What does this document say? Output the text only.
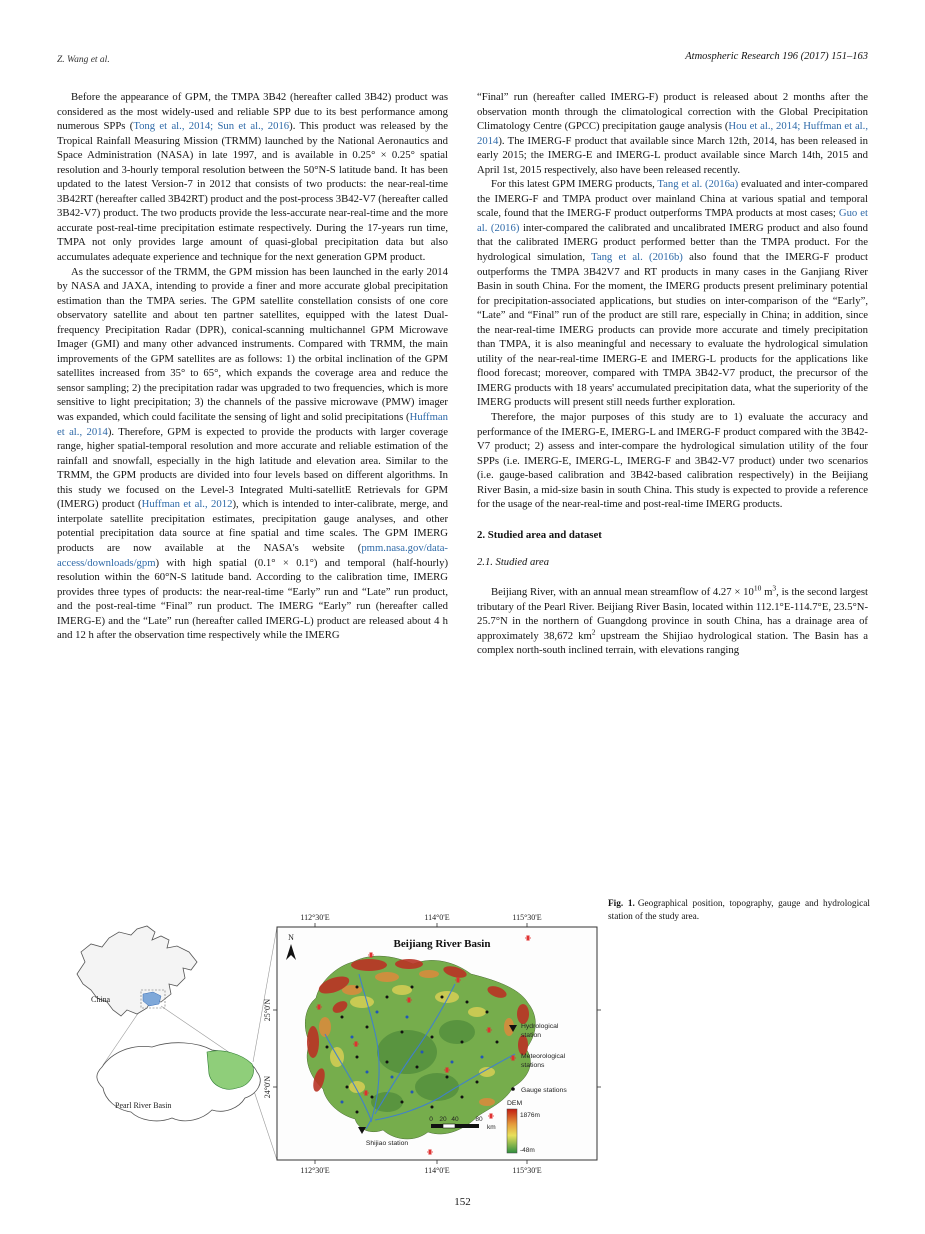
Z. Wang et al.	Atmospheric Research 196 (2017) 151–163

Before the appearance of GPM, the TMPA 3B42 (hereafter called 3B42) product was considered as the most widely-used and reliable SPP due to its best performance among numerous SPPs (Tong et al., 2014; Sun et al., 2016). This product was released by the Tropical Rainfall Measuring Mission (TRMM) launched by the National Aeronautics and Space Administration (NASA) in late 1997, and is available in 0.25° × 0.25° spatial resolution and 3-hourly temporal resolution between the 50°N-S latitude band. It has been updated to the latest Version-7 in 2012 that consists of two products: the near-real-time 3B42RT (hereafter called 3B42RT) product and the post-process 3B42-V7 (hereafter called 3B42-V7) product. The two products provide the less-accurate near-real-time and the more accurate post-real-time precipitation estimate respectively. During the 17-years run time, TMPA not only provides large amount of quasi-global precipitation data but also accumulates adequate experience and technique for the next generation GPM product.

As the successor of the TRMM, the GPM mission has been launched in the early 2014 by NASA and JAXA, intending to provide a finer and more accurate global precipitation estimation than the TMPA series. The GPM satellite constellation consists of one core observatory satellite and about ten partner satellites, equipped with the latest Dual-frequency Precipitation Radar (DPR), conical-scanning multichannel GPM Microwave Imager (GMI) and many other advanced instruments. Compared with TRMM, the main improvements of the GPM satellites are as follows: 1) the orbital inclination of the GPM satellites increased from 35° to 65°, which expands the coverage area and reduce the sensor sampling; 2) the precipitation radar was upgraded to two frequencies, which is more sensitive to light precipitation; 3) the channels of the passive microwave (PMW) imager was expanded, which could facilitate the sensing of light and solid precipitations (Huffman et al., 2014). Therefore, GPM is expected to provide the products with larger coverage range, higher spatial-temporal resolution and more accurate and reliable estimation of the rainfall and snowfall, especially in the high latitude and elevation area. Similar to the TRMM, the GPM products are divided into four levels based on different algorithms. In this study we focused on the Level-3 Integrated Multi-satellitE Retrievals for GPM (IMERG) product (Huffman et al., 2012), which is intended to inter-calibrate, merge, and interpolate satellite precipitation estimates, precipitation gauge analyses, and other potential precipitation data source at fine spatial and time scales. The GPM IMERG products are now available at the NASA's website (pmm.nasa.gov/data-access/downloads/gpm) with high spatial (0.1° × 0.1°) and temporal (half-hourly) resolution within the 60°N-S latitude band. According to the calibration time, IMERG provides three types of products: the near-real-time “Early” run and “Late” run product, and the post-real-time “Final” run product. The IMERG “Early” run (hereafter called IMERG-E) and the “Late” run (hereafter called IMERG-L) product are released about 4 h and 12 h after the observation time respectively while the IMERG

“Final” run (hereafter called IMERG-F) product is released about 2 months after the observation month through the climatological correction with the Global Precipitation Climatology Centre (GPCC) precipitation gauge analysis (Hou et al., 2014; Huffman et al., 2014). The IMERG-F product that available since March 12th, 2014, has been released in early 2015; the IMERG-E and IMERG-L product available since March 14th, 2015 and April 1st, 2015 respectively, also have been released recently.

For this latest GPM IMERG products, Tang et al. (2016a) evaluated and inter-compared the IMERG-F and TMPA product over mainland China at various spatial and temporal scale, found that the IMERG-F product outperforms TMPA products at most cases; Guo et al. (2016) inter-compared the calibrated and uncalibrated IMERG product and also found that the calibrated IMERG product performed better than the TMPA product. For the hydrological simulation, Tang et al. (2016b) also found that the IMERG-F product outperforms the TMPA 3B42V7 and RT products in many cases in the Ganjiang River Basin in south China. For the moment, the IMERG products present preliminary potential for precipitation-associated applications, but studies on inter-comparison of the “Early”, “Late” and “Final” run of the product are still rare, especially in China; in addition, since the near-real-time IMERG products can provide more accurate and timely precipitation than TMPA, it is also meaningful and necessary to evaluate the hydrological simulation utility of the near-real-time IMERG-E and IMERG-L products for the applications like flood forecast; moreover, compared with TMPA 3B42-V7 product, the precursor of the IMERG products with 18 years' accumulated precipitation data, what the superiority of the IMERG products will present still needs further exploration.

Therefore, the major purposes of this study are to 1) evaluate the accuracy and performance of the IMERG-E, IMERG-L and IMERG-F product compared with the 3B42-V7 product; 2) assess and inter-compare the hydrological simulation utility of the four SPPs (i.e. IMERG-E, IMERG-L, IMERG-F and 3B42-V7 product) under two scenarios (i.e. gauge-based calibration and 3B42-based calibration respectively) in the Beijiang River Basin, a mid-size basin in south China. This study is expected to provide a reference for the usage of the near-real-time and post-real-time IMERG products.

2. Studied area and dataset
2.1. Studied area

Beijiang River, with an annual mean streamflow of $4.27 \times 10^{10}$ $m^3$, is the second largest tributary of the Pearl River. Beijiang River Basin, located within 112.1°E-114.7°E, 23.5°N-25.7°N in the northern of Guangdong province in south China, has a drainage area of approximately 38,672 $km^2$ upstream the Shijiao hydrological station. The Basin has a complex north-south inclined terrain, with elevations ranging

Fig. 1. Geographical position, topography, gauge and hydrological station of the study area.
China
Pearl River Basin
112°30'E	114°0'E	115°30'E
112°30'E	114°0'E	115°30'E
25°0'N
24°0'N
Beijiang River Basin
N
Shijiao station
Hydrological
station
Meteorological
stations
Gauge stations
DEM
1876m
-48m
0 20 40	80
km
152
